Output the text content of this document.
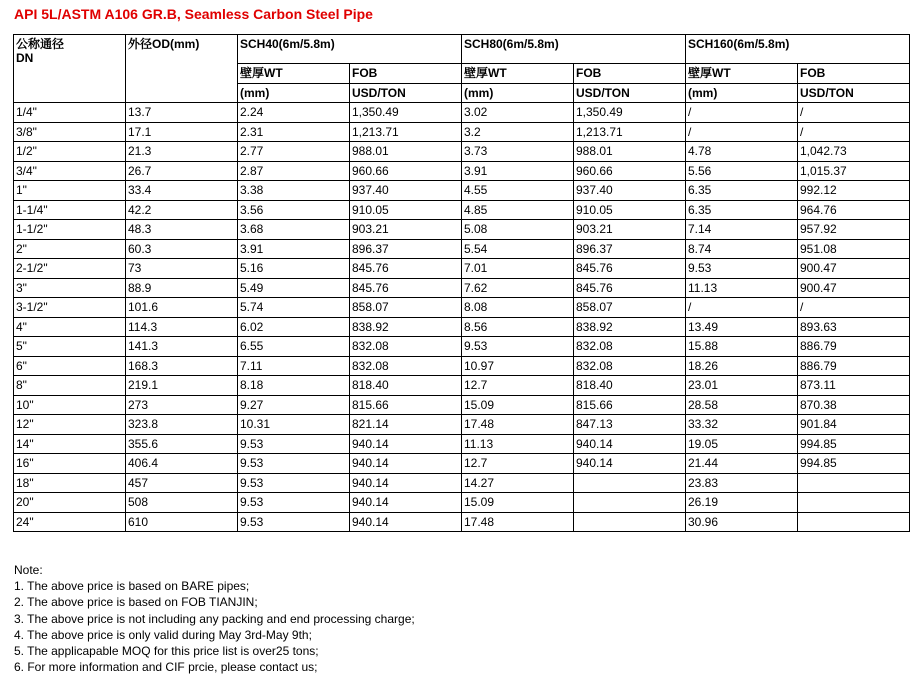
API 5L/ASTM A106 GR.B, Seamless Carbon Steel Pipe
公称通径
DN	外径OD(mm)	SCH40(6m/5.8m)		SCH80(6m/5.8m)		SCH160(6m/5.8m)	
		壁厚WT	FOB	壁厚WT	FOB	壁厚WT	FOB
		(mm)	USD/TON	(mm)	USD/TON	(mm)	USD/TON
1/4"	13.7	2.24	1,350.49	3.02	1,350.49	/	/
3/8"	17.1	2.31	1,213.71	3.2	1,213.71	/	/
1/2"	21.3	2.77	988.01	3.73	988.01	4.78	1,042.73
3/4"	26.7	2.87	960.66	3.91	960.66	5.56	1,015.37
1"	33.4	3.38	937.40	4.55	937.40	6.35	992.12
1-1/4"	42.2	3.56	910.05	4.85	910.05	6.35	964.76
1-1/2"	48.3	3.68	903.21	5.08	903.21	7.14	957.92
2"	60.3	3.91	896.37	5.54	896.37	8.74	951.08
2-1/2"	73	5.16	845.76	7.01	845.76	9.53	900.47
3"	88.9	5.49	845.76	7.62	845.76	11.13	900.47
3-1/2"	101.6	5.74	858.07	8.08	858.07	/	/
4"	114.3	6.02	838.92	8.56	838.92	13.49	893.63
5"	141.3	6.55	832.08	9.53	832.08	15.88	886.79
6"	168.3	7.11	832.08	10.97	832.08	18.26	886.79
8"	219.1	8.18	818.40	12.7	818.40	23.01	873.11
10"	273	9.27	815.66	15.09	815.66	28.58	870.38
12"	323.8	10.31	821.14	17.48	847.13	33.32	901.84
14"	355.6	9.53	940.14	11.13	940.14	19.05	994.85
16"	406.4	9.53	940.14	12.7	940.14	21.44	994.85
18"	457	9.53	940.14	14.27		23.83	
20"	508	9.53	940.14	15.09		26.19	
24"	610	9.53	940.14	17.48		30.96	
Note:
1. The above price is based on BARE pipes;
2. The above price is based on FOB TIANJIN;
3. The above price is not including any packing and end processing charge;
4. The above price is only valid during May 3rd-May 9th;
5. The applicapable MOQ for this price list is over25 tons;
6. For more information and CIF prcie, please contact us;
